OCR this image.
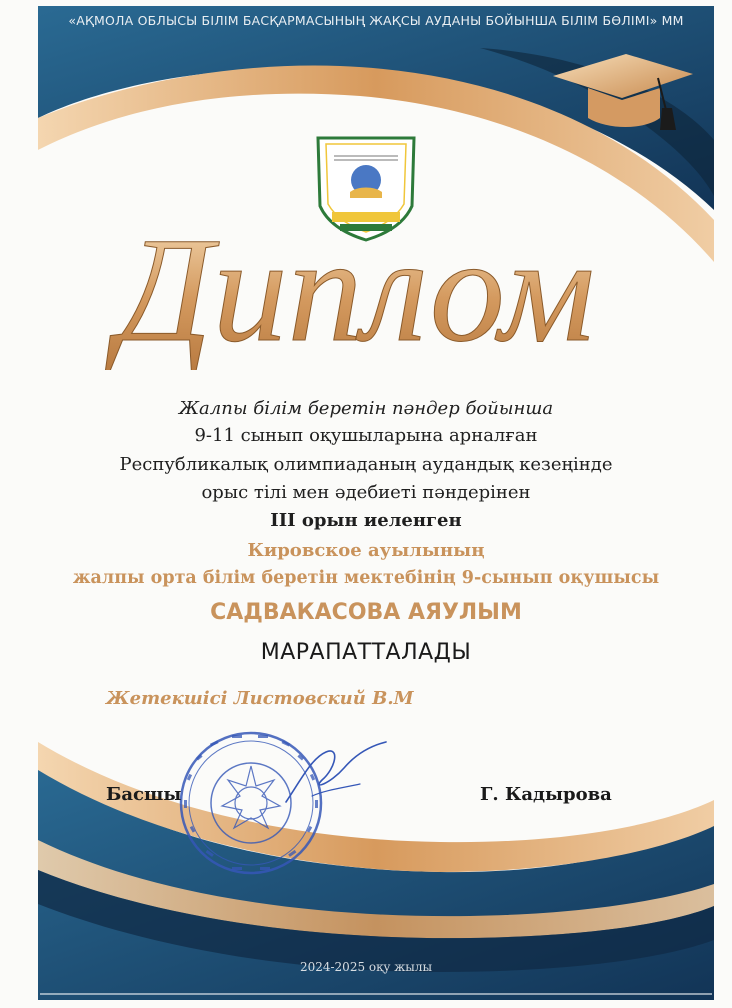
«АҚМОЛА ОБЛЫСЫ БІЛІМ БАСҚАРМАСЫНЫҢ ЖАҚСЫ АУДАНЫ БОЙЫНША БІЛІМ БӨЛІМІ» ММ
Диплом
Жалпы білім беретін пәндер бойынша
9-11 сынып оқушыларына арналған
Республикалық олимпиаданың аудандық кезеңінде
орыс тілі мен әдебиеті пәндерінен
ІІІ орын иеленген
Кировское ауылының
жалпы орта білім беретін мектебінің 9-сынып оқушысы
САДВАКАСОВА АЯУЛЫМ
МАРАПАТТАЛАДЫ
Жетекшісі Листовский В.М
Басшы	Г. Кадырова
2024-2025 оқу жылы
